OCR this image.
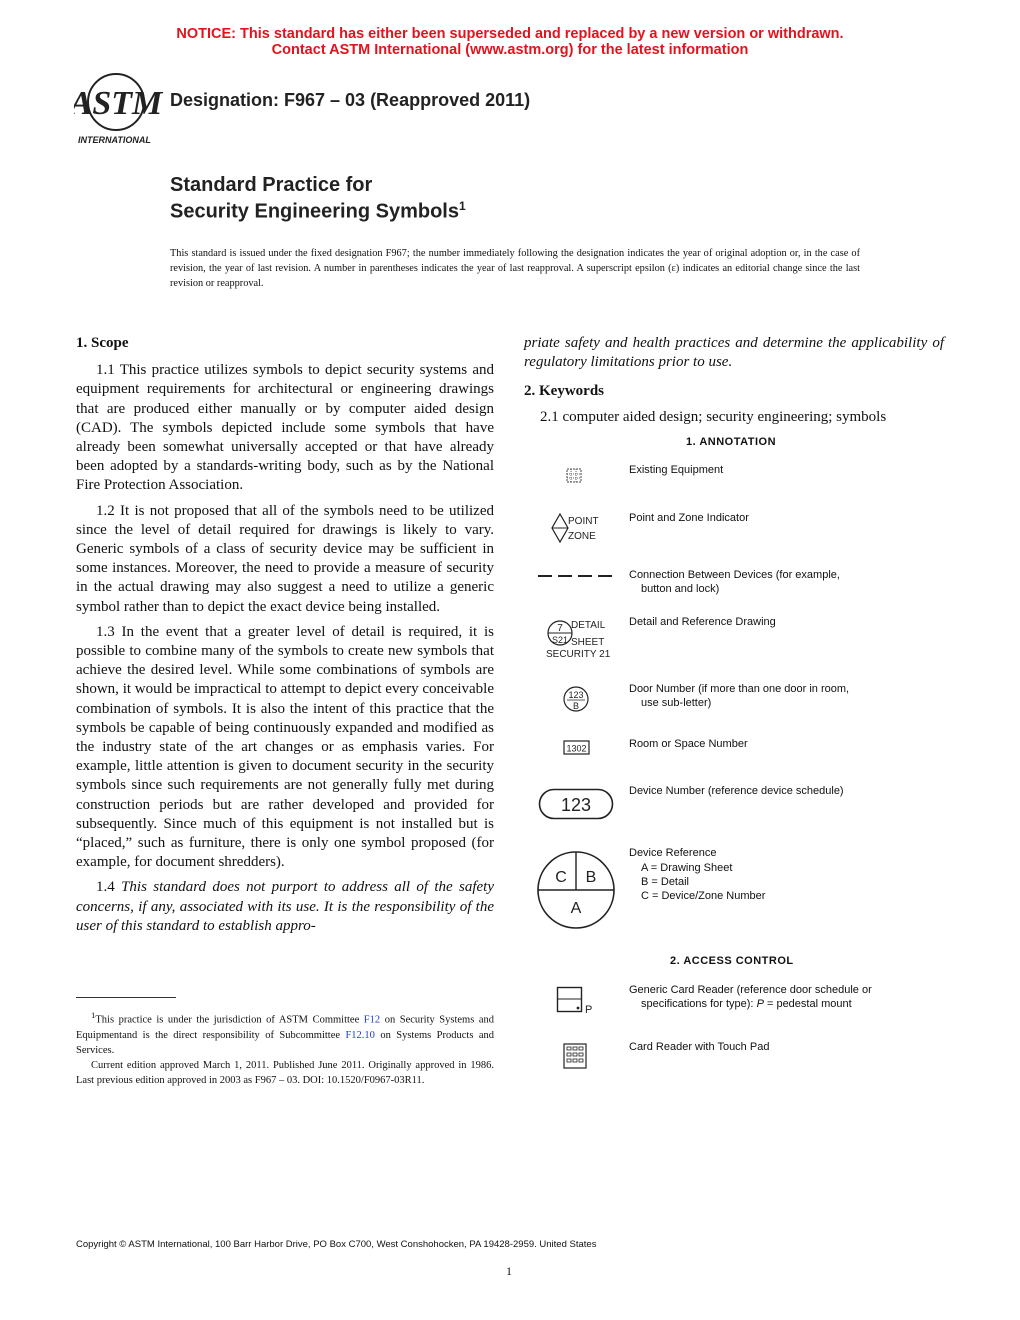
NOTICE: This standard has either been superseded and replaced by a new version or withdrawn.
Contact ASTM International (www.astm.org) for the latest information
ASTM
INTERNATIONAL
Designation: F967 – 03 (Reapproved 2011)
Standard Practice for
Security Engineering Symbols$^1$
This standard is issued under the fixed designation F967; the number immediately following the designation indicates the year of original adoption or, in the case of revision, the year of last revision. A number in parentheses indicates the year of last reapproval. A superscript epsilon (ε) indicates an editorial change since the last revision or reapproval.
1. Scope

1.1 This practice utilizes symbols to depict security systems and equipment requirements for architectural or engineering drawings that are produced either manually or by computer aided design (CAD). The symbols depicted include some symbols that have already been somewhat universally accepted or that have already been adopted by a standards-writing body, such as by the National Fire Protection Association.

1.2 It is not proposed that all of the symbols need to be utilized since the level of detail required for drawings is likely to vary. Generic symbols of a class of security device may be sufficient in some instances. Moreover, the need to provide a measure of security in the actual drawing may also suggest a need to utilize a generic symbol rather than to depict the exact device being installed.

1.3 In the event that a greater level of detail is required, it is possible to combine many of the symbols to create new symbols that achieve the desired level. While some combinations of symbols are shown, it would be impractical to attempt to depict every conceivable combination of symbols. It is also the intent of this practice that the symbols be capable of being continuously expanded and modified as the industry state of the art changes or as emphasis varies. For example, little attention is given to document security in the security symbols since such requirements are not generally fully met during construction periods but are rather developed and provided for subsequently. Since much of this equipment is not installed but is “placed,” such as furniture, there is only one symbol proposed (for example, for document shredders).

1.4 This standard does not purport to address all of the safety concerns, if any, associated with its use. It is the responsibility of the user of this standard to establish appro-

$^1$This practice is under the jurisdiction of ASTM Committee F12 on Security Systems and Equipmentand is the direct responsibility of Subcommittee F12.10 on Systems Products and Services.

Current edition approved March 1, 2011. Published June 2011. Originally approved in 1986. Last previous edition approved in 2003 as F967 – 03. DOI: 10.1520/F0967-03R11.

priate safety and health practices and determine the applicability of regulatory limitations prior to use.
2. Keywords
2.1 computer aided design; security engineering; symbols
1. ANNOTATION
Existing Equipment
POINT
ZONE
Point and Zone Indicator
Connection Between Devices (for example,
button and lock)
7
S21
DETAIL
SHEET
SECURITY 21
Detail and Reference Drawing
123
B
Door Number (if more than one door in room,
use sub-letter)
1302	Room or Space Number
123
Device Number (reference device schedule)
C B
A
Device Reference
A = Drawing Sheet
B = Detail
C = Device/Zone Number
2. ACCESS CONTROL
P
Generic Card Reader (reference door schedule or
specifications for type): P = pedestal mount
Card Reader with Touch Pad
Copyright © ASTM International, 100 Barr Harbor Drive, PO Box C700, West Conshohocken, PA 19428-2959. United States
1
